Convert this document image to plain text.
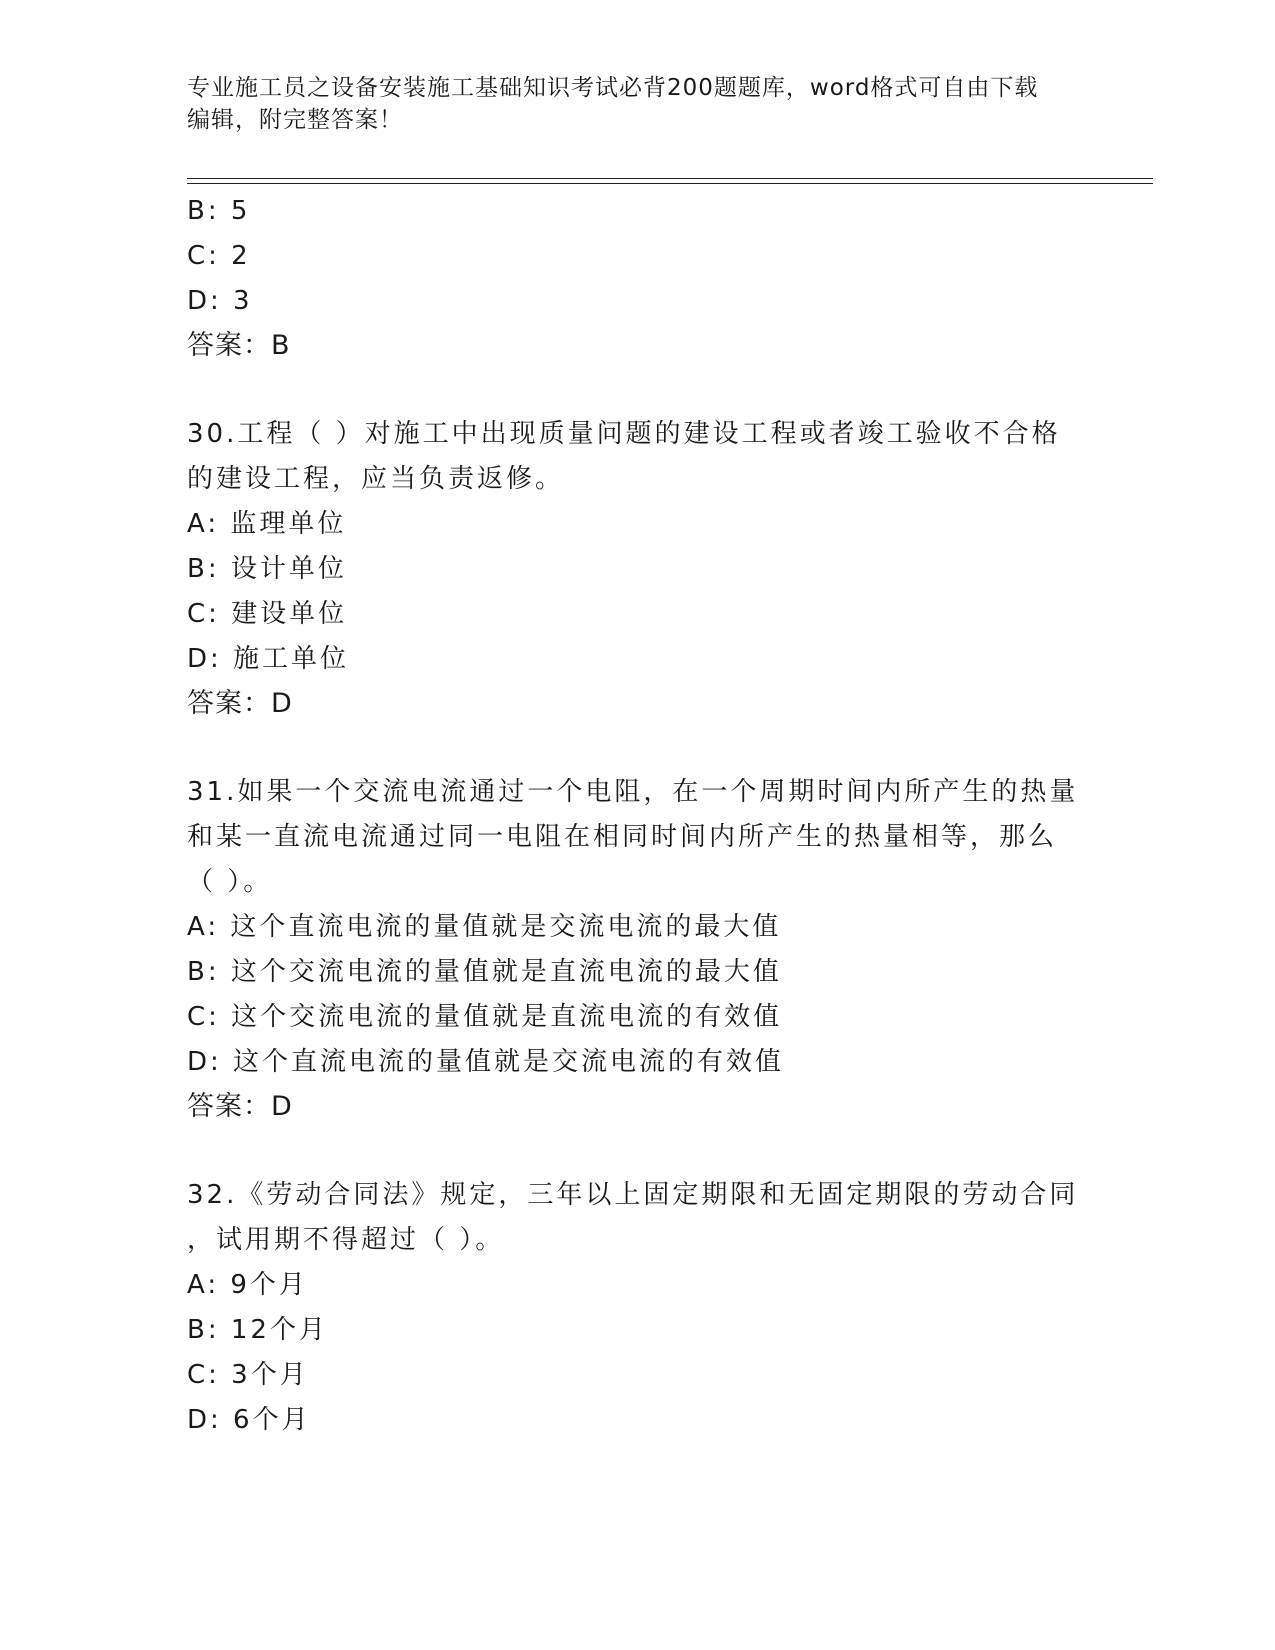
专业施工员之设备安装施工基础知识考试必背200题题库，word格式可自由下载
编辑，附完整答案！
B: 5
C: 2
D: 3
答案：B
30.工程（ ）对施工中出现质量问题的建设工程或者竣工验收不合格
的建设工程，应当负责返修。
A: 监理单位
B: 设计单位
C: 建设单位
D: 施工单位
答案：D
31.如果一个交流电流通过一个电阻，在一个周期时间内所产生的热量
和某一直流电流通过同一电阻在相同时间内所产生的热量相等，那么
（ ）。
A: 这个直流电流的量值就是交流电流的最大值
B: 这个交流电流的量值就是直流电流的最大值
C: 这个交流电流的量值就是直流电流的有效值
D: 这个直流电流的量值就是交流电流的有效值
答案：D
32.《劳动合同法》规定，三年以上固定期限和无固定期限的劳动合同
，试用期不得超过（ ）。
A: 9个月
B: 12个月
C: 3个月
D: 6个月
